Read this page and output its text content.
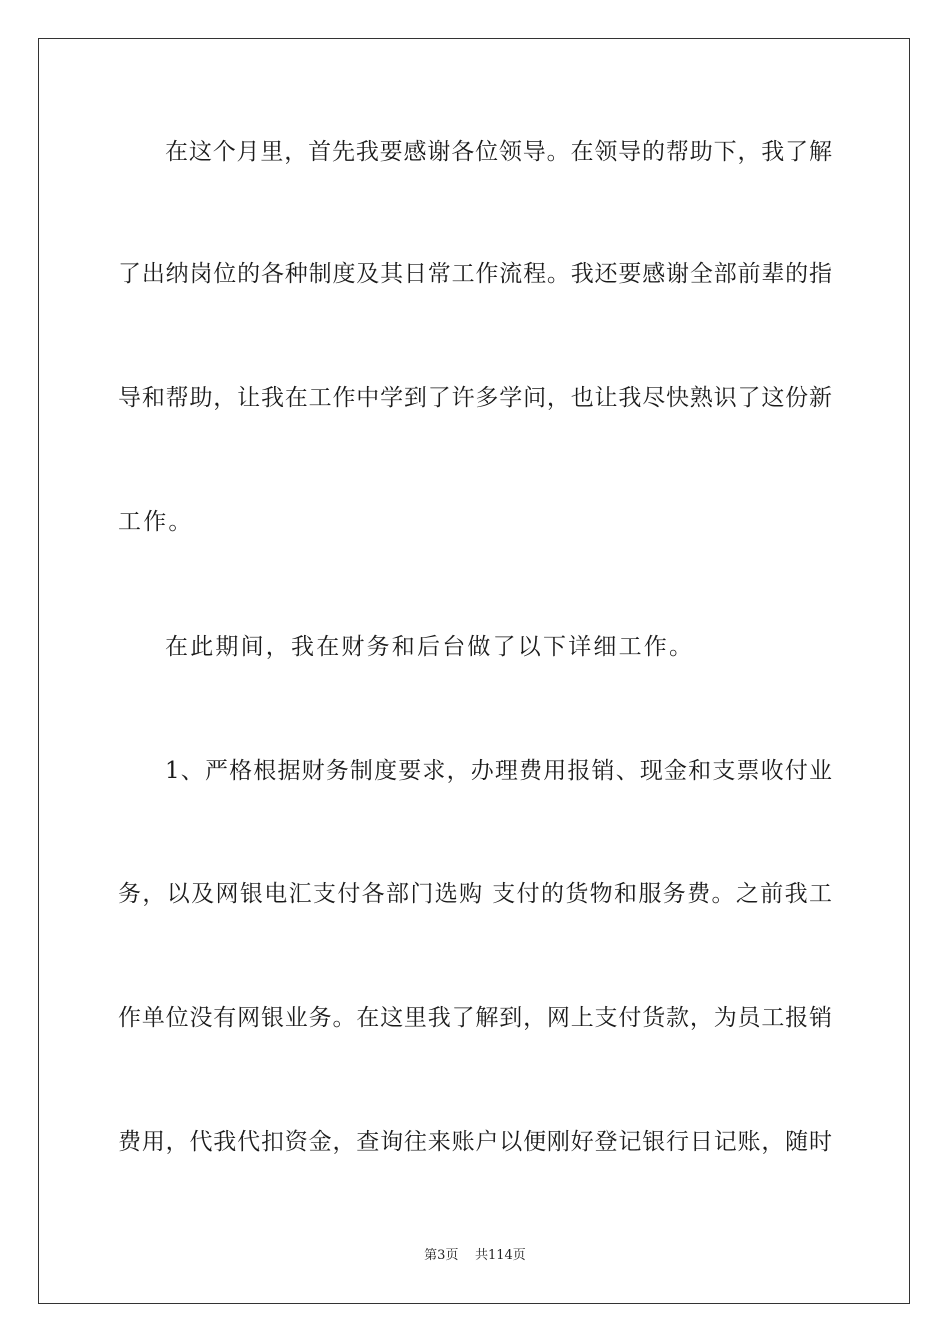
在这个月里，首先我要感谢各位领导。在领导的帮助下，我了解
了出纳岗位的各种制度及其日常工作流程。我还要感谢全部前辈的指
导和帮助，让我在工作中学到了许多学问，也让我尽快熟识了这份新
工作。
在此期间，我在财务和后台做了以下详细工作。
1、严格根据财务制度要求，办理费用报销、现金和支票收付业
务，以及网银电汇支付各部门选购 支付的货物和服务费。之前我工
作单位没有网银业务。在这里我了解到，网上支付货款，为员工报销
费用，代我代扣资金，查询往来账户以便刚好登记银行日记账，随时
第3页 共114页
